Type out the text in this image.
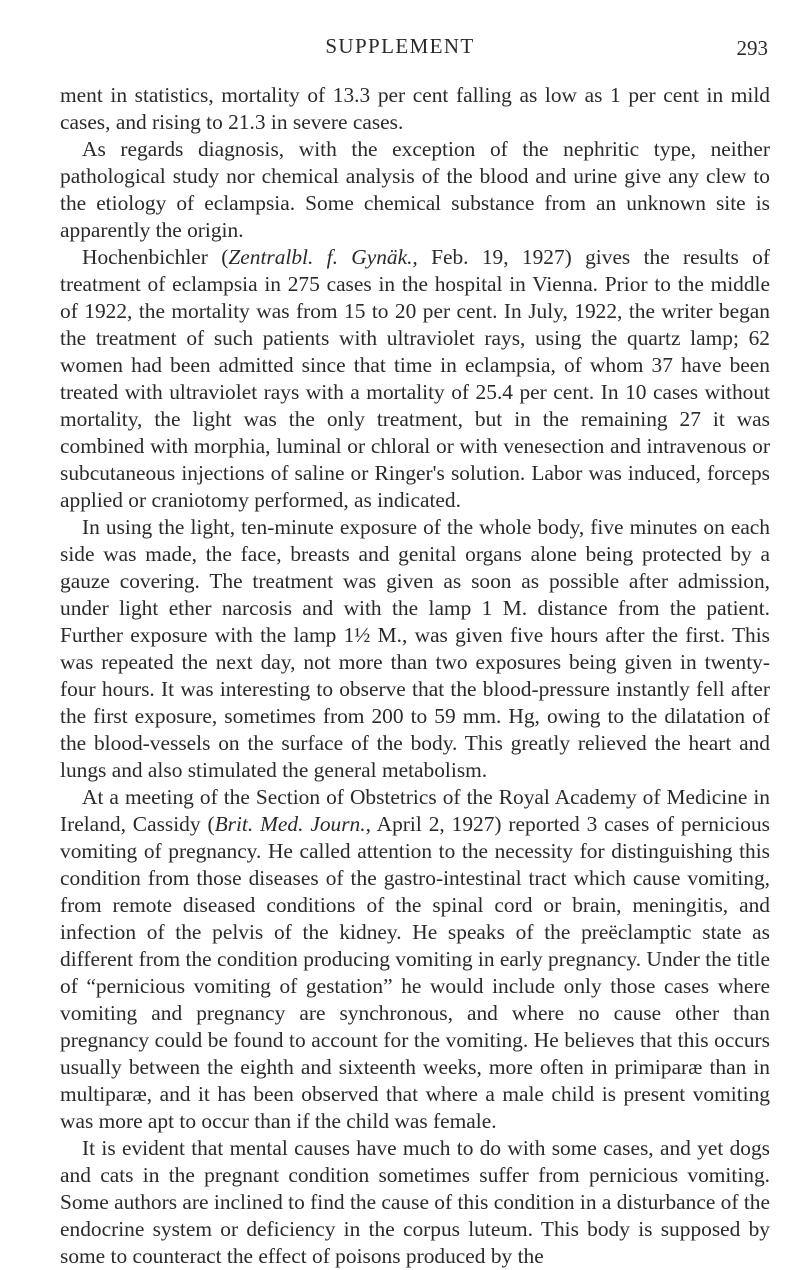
SUPPLEMENT	293

ment in statistics, mortality of 13.3 per cent falling as low as 1 per cent in mild cases, and rising to 21.3 in severe cases.

As regards diagnosis, with the exception of the nephritic type, neither pathological study nor chemical analysis of the blood and urine give any clew to the etiology of eclampsia. Some chemical substance from an unknown site is apparently the origin.

Hochenbichler (Zentralbl. f. Gynäk., Feb. 19, 1927) gives the results of treatment of eclampsia in 275 cases in the hospital in Vienna. Prior to the middle of 1922, the mortality was from 15 to 20 per cent. In July, 1922, the writer began the treatment of such patients with ultraviolet rays, using the quartz lamp; 62 women had been admitted since that time in eclampsia, of whom 37 have been treated with ultraviolet rays with a mortality of 25.4 per cent. In 10 cases without mortality, the light was the only treatment, but in the remaining 27 it was combined with morphia, luminal or chloral or with venesection and intravenous or subcutaneous injections of saline or Ringer's solution. Labor was induced, forceps applied or craniotomy performed, as indicated.

In using the light, ten-minute exposure of the whole body, five minutes on each side was made, the face, breasts and genital organs alone being protected by a gauze covering. The treatment was given as soon as possible after admission, under light ether narcosis and with the lamp 1 M. distance from the patient. Further exposure with the lamp 1½ M., was given five hours after the first. This was repeated the next day, not more than two exposures being given in twenty-four hours. It was interesting to observe that the blood-pressure instantly fell after the first exposure, sometimes from 200 to 59 mm. Hg, owing to the dilatation of the blood-vessels on the surface of the body. This greatly relieved the heart and lungs and also stimulated the general metabolism.

At a meeting of the Section of Obstetrics of the Royal Academy of Medicine in Ireland, Cassidy (Brit. Med. Journ., April 2, 1927) reported 3 cases of pernicious vomiting of pregnancy. He called attention to the necessity for distinguishing this condition from those diseases of the gastro-intestinal tract which cause vomiting, from remote diseased conditions of the spinal cord or brain, meningitis, and infection of the pelvis of the kidney. He speaks of the preëclamptic state as different from the condition producing vomiting in early pregnancy. Under the title of “pernicious vomiting of gestation” he would include only those cases where vomiting and pregnancy are synchronous, and where no cause other than pregnancy could be found to account for the vomiting. He believes that this occurs usually between the eighth and sixteenth weeks, more often in primiparæ than in multiparæ, and it has been observed that where a male child is present vomiting was more apt to occur than if the child was female.

It is evident that mental causes have much to do with some cases, and yet dogs and cats in the pregnant condition sometimes suffer from pernicious vomiting. Some authors are inclined to find the cause of this condition in a disturbance of the endocrine system or deficiency in the corpus luteum. This body is supposed by some to counteract the effect of poisons produced by the
